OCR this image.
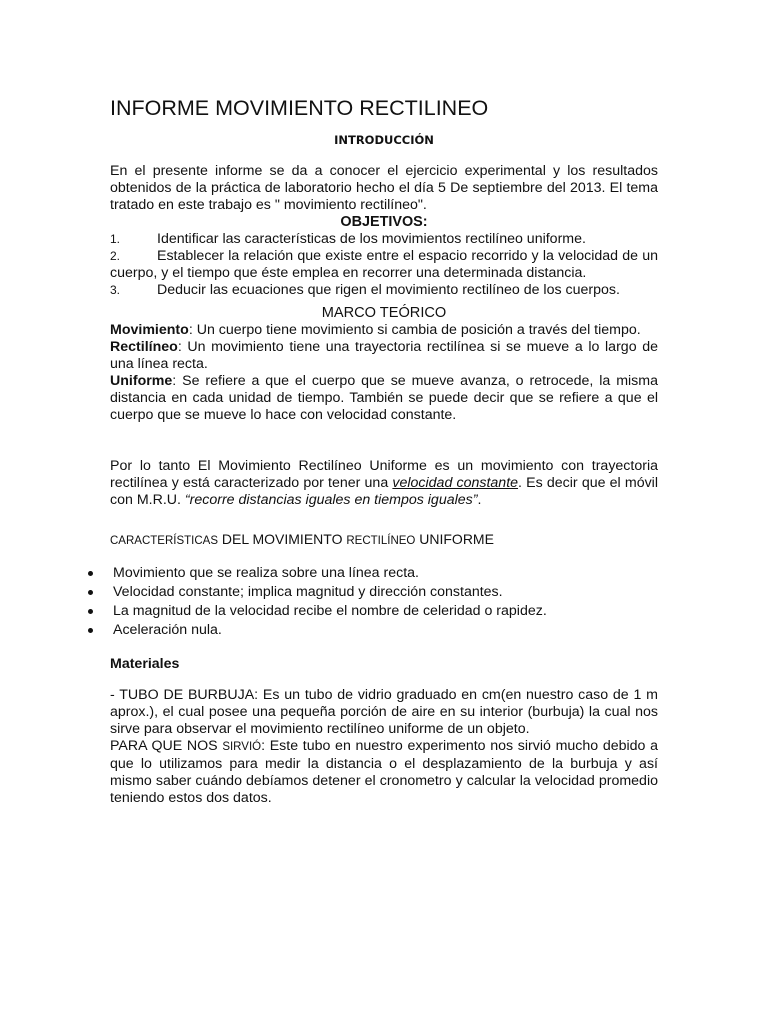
INFORME MOVIMIENTO RECTILINEO

INTRODUCCIÓN

En el presente informe se da a conocer el ejercicio experimental y los resultados obtenidos de la práctica de laboratorio hecho el día 5 De septiembre del 2013. El tema tratado en este trabajo es " movimiento rectilíneo".

OBJETIVOS:

1.	Identificar las características de los movimientos rectilíneo uniforme.

2.	Establecer la relación que existe entre el espacio recorrido y la velocidad de un cuerpo, y el tiempo que éste emplea en recorrer una determinada distancia.

3.	Deducir las ecuaciones que rigen el movimiento rectilíneo de los cuerpos.

MARCO TEÓRICO

Movimiento: Un cuerpo tiene movimiento si cambia de posición a través del tiempo.

Rectilíneo: Un movimiento tiene una trayectoria rectilínea si se mueve a lo largo de una línea recta.

Uniforme: Se refiere a que el cuerpo que se mueve avanza, o retrocede, la misma distancia en cada unidad de tiempo. También se puede decir que se refiere a que el cuerpo que se mueve lo hace con velocidad constante.

Por lo tanto El Movimiento Rectilíneo Uniforme es un movimiento con trayectoria rectilínea y está caracterizado por tener una velocidad constante. Es decir que el móvil con M.R.U. “recorre distancias iguales en tiempos iguales”.

CARACTERÍSTICAS DEL MOVIMIENTO RECTILÍNEO UNIFORME

Movimiento que se realiza sobre una línea recta.
Velocidad constante; implica magnitud y dirección constantes.
La magnitud de la velocidad recibe el nombre de celeridad o rapidez.
Aceleración nula.

Materiales

- TUBO DE BURBUJA: Es un tubo de vidrio graduado en cm(en nuestro caso de 1 m aprox.), el cual posee una pequeña porción de aire en su interior (burbuja) la cual nos sirve para observar el movimiento rectilíneo uniforme de un objeto.

PARA QUE NOS SIRVIÓ: Este tubo en nuestro experimento nos sirvió mucho debido a que lo utilizamos para medir la distancia o el desplazamiento de la burbuja y así mismo saber cuándo debíamos detener el cronometro y calcular la velocidad promedio teniendo estos dos datos.
